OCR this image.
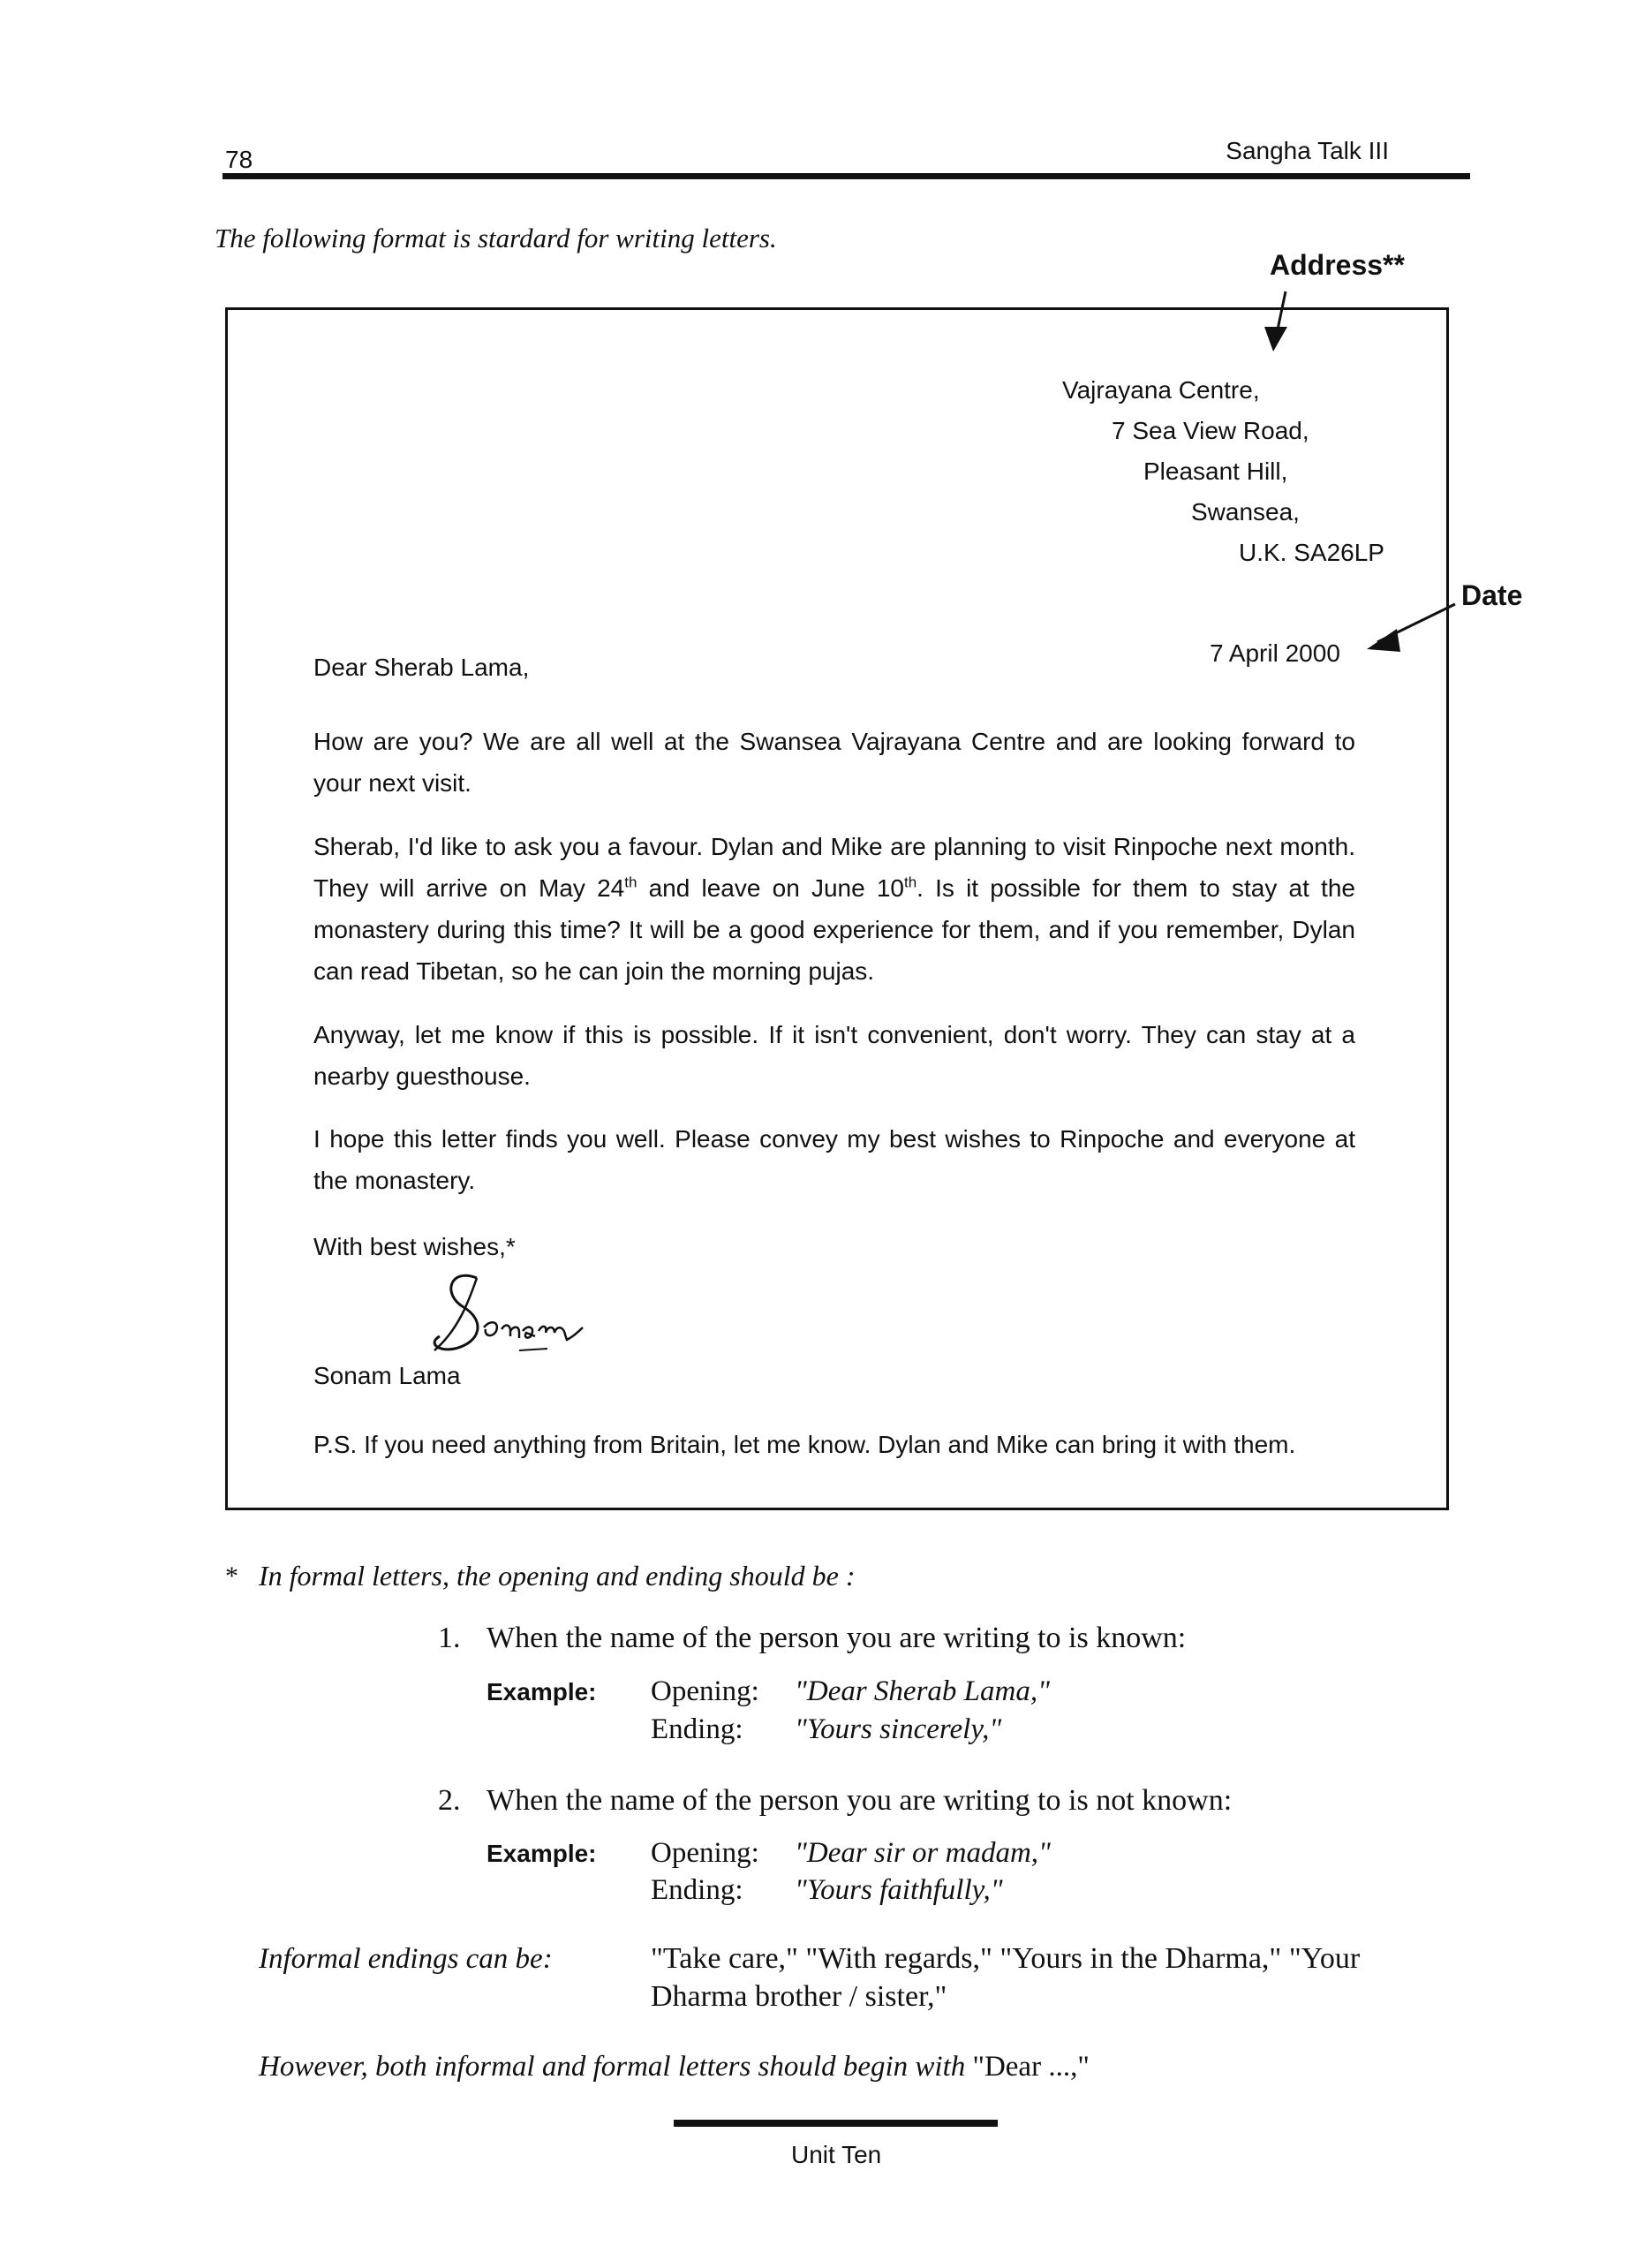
78	Sangha Talk III
The following format is stardard for writing letters.
Address**
Date
Vajrayana Centre,
7 Sea View Road,
Pleasant Hill,
Swansea,
U.K. SA26LP
7 April 2000
Dear Sherab Lama,
How are you? We are all well at the Swansea Vajrayana Centre and are looking forward to your next visit.
Sherab, I'd like to ask you a favour. Dylan and Mike are planning to visit Rinpoche next month. They will arrive on May 24th and leave on June 10th. Is it possible for them to stay at the monastery during this time? It will be a good experience for them, and if you remember, Dylan can read Tibetan, so he can join the morning pujas.
Anyway, let me know if this is possible. If it isn't convenient, don't worry. They can stay at a nearby guesthouse.
I hope this letter finds you well. Please convey my best wishes to Rinpoche and everyone at the monastery.
With best wishes,*
Sonam Lama
P.S. If you need anything from Britain, let me know. Dylan and Mike can bring it with them.
* In formal letters, the opening and ending should be :
1. When the name of the person you are writing to is known:
Example: Opening: "Dear Sherab Lama,"
Ending: "Yours sincerely,"
2. When the name of the person you are writing to is not known:
Example: Opening: "Dear sir or madam,"
Ending: "Yours faithfully,"
Informal endings can be:	"Take care," "With regards," "Yours in the Dharma," "Your Dharma brother / sister,"
However, both informal and formal letters should begin with "Dear ...,"
Unit Ten
